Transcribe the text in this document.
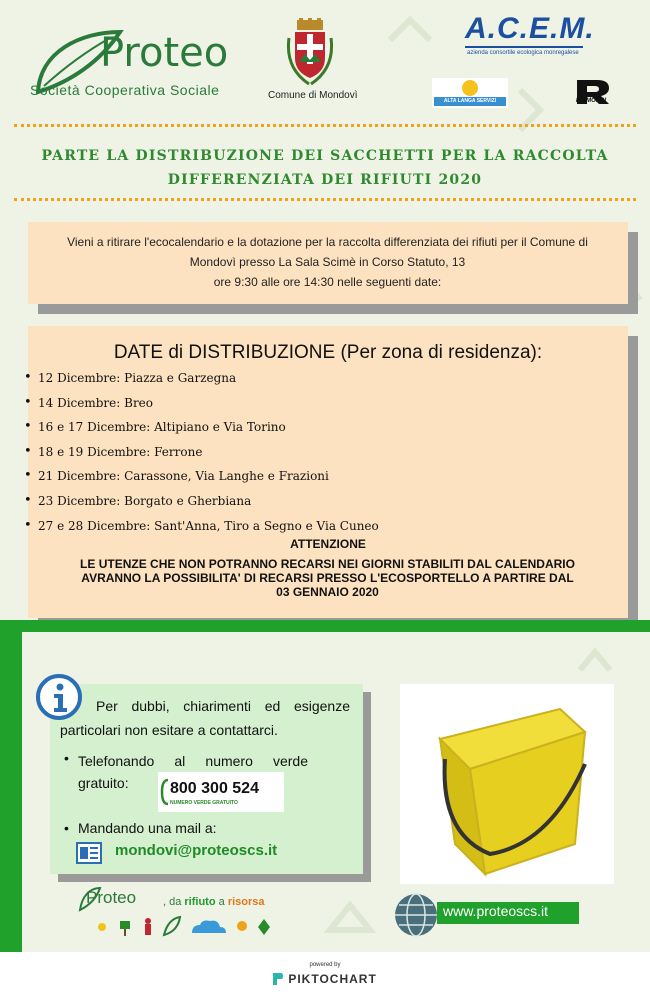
Proteo
Società Cooperativa Sociale	Comune di Mondovì
A.C.E.M.
azienda consortile ecologica monregalese
ALTA LANGA SERVIZI	RAIMONDI
PARTE LA DISTRIBUZIONE DEI SACCHETTI PER LA RACCOLTA
DIFFERENZIATA DEI RIFIUTI 2020
Vieni a ritirare l'ecocalendario e la dotazione per la raccolta differenziata dei rifiuti per il Comune di
Mondovì presso La Sala Scimè in Corso Statuto, 13
ore 9:30 alle ore 14:30 nelle seguenti date:
DATE di DISTRIBUZIONE (Per zona di residenza):
• 12 Dicembre: Piazza e Garzegna
• 14 Dicembre: Breo
• 16 e 17 Dicembre: Altipiano e Via Torino
• 18 e 19 Dicembre: Ferrone
• 21 Dicembre: Carassone, Via Langhe e Frazioni
• 23 Dicembre: Borgato e Gherbiana
• 27 e 28 Dicembre: Sant'Anna, Tiro a Segno e Via Cuneo
ATTENZIONE
LE UTENZE CHE NON POTRANNO RECARSI NEI GIORNI STABILITI DAL CALENDARIO
AVRANNO LA POSSIBILITA' DI RECARSI PRESSO L'ECOSPORTELLO A PARTIRE DAL
03 GENNAIO 2020
Per dubbi, chiarimenti ed esigenze particolari non esitare a contattarci.
• Telefonando al numero verde gratuito:	800 300 524
NUMERO VERDE GRATUITO
• Mandando una mail a:
mondovi@proteoscs.it
Proteo , da rifiuto a risorsa
www.proteoscs.it
powered by
PIKTOCHART
